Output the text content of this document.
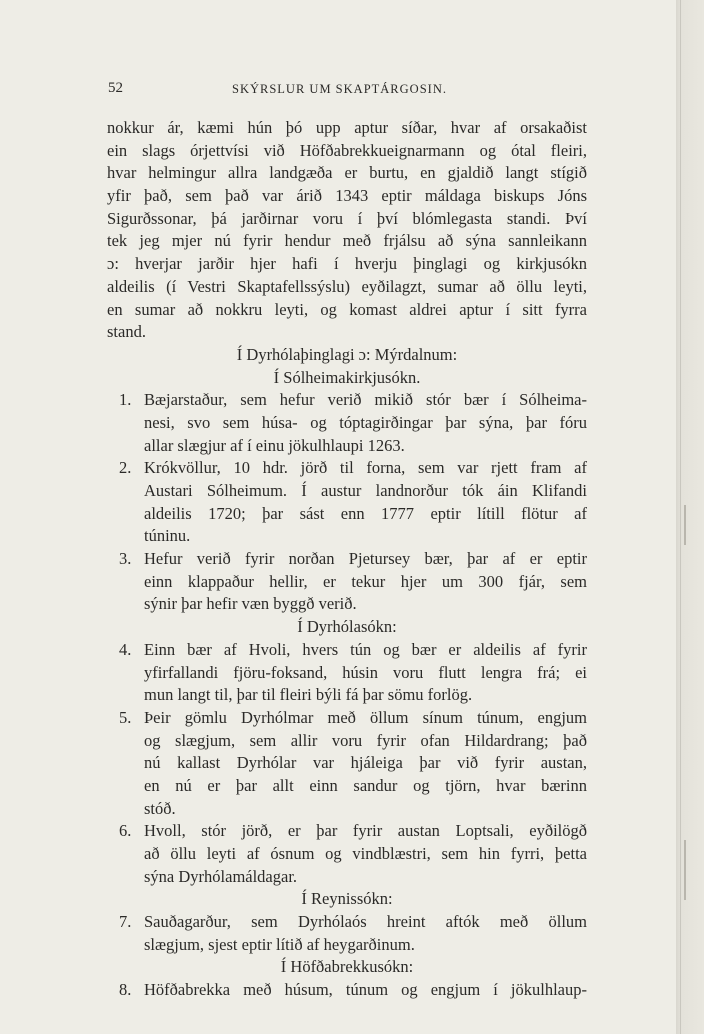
52	SKÝRSLUR UM SKAPTÁRGOSIN.
nokkur ár, kæmi hún þó upp aptur síðar, hvar af orsakaðist
ein slags órjettvísi við Höfðabrekkueignarmann og ótal fleiri,
hvar helmingur allra landgæða er burtu, en gjaldið langt stígið
yfir það, sem það var árið 1343 eptir máldaga biskups Jóns
Sigurðssonar, þá jarðirnar voru í því blómlegasta standi. Því
tek jeg mjer nú fyrir hendur með frjálsu að sýna sannleikann
ɔ: hverjar jarðir hjer hafi í hverju þinglagi og kirkjusókn
aldeilis (í Vestri Skaptafellssýslu) eyðilagzt, sumar að öllu leyti,
en sumar að nokkru leyti, og komast aldrei aptur í sitt fyrra
stand.
Í Dyrhólaþinglagi ɔ: Mýrdalnum:
Í Sólheimakirkjusókn.
1. Bæjarstaður, sem hefur verið mikið stór bær í Sólheima-
nesi, svo sem húsa- og tóptagirðingar þar sýna, þar fóru
allar slægjur af í einu jökulhlaupi 1263.
2. Krókvöllur, 10 hdr. jörð til forna, sem var rjett fram af
Austari Sólheimum. Í austur landnorður tók áin Klifandi
aldeilis 1720; þar sást enn 1777 eptir lítill flötur af
túninu.
3. Hefur verið fyrir norðan Pjetursey bær, þar af er eptir
einn klappaður hellir, er tekur hjer um 300 fjár, sem
sýnir þar hefir væn byggð verið.
Í Dyrhólasókn:
4. Einn bær af Hvoli, hvers tún og bær er aldeilis af fyrir
yfirfallandi fjöru-foksand, húsin voru flutt lengra frá; ei
mun langt til, þar til fleiri býli fá þar sömu forlög.
5. Þeir gömlu Dyrhólmar með öllum sínum túnum, engjum
og slægjum, sem allir voru fyrir ofan Hildardrang; það
nú kallast Dyrhólar var hjáleiga þar við fyrir austan,
en nú er þar allt einn sandur og tjörn, hvar bærinn
stóð.
6. Hvoll, stór jörð, er þar fyrir austan Loptsali, eyðilögð
að öllu leyti af ósnum og vindblæstri, sem hin fyrri, þetta
sýna Dyrhólamáldagar.
Í Reynissókn:
7. Sauðagarður, sem Dyrhólaós hreint aftók með öllum
slægjum, sjest eptir lítið af heygarðinum.
Í Höfðabrekkusókn:
8. Höfðabrekka með húsum, túnum og engjum í jökulhlaup-
